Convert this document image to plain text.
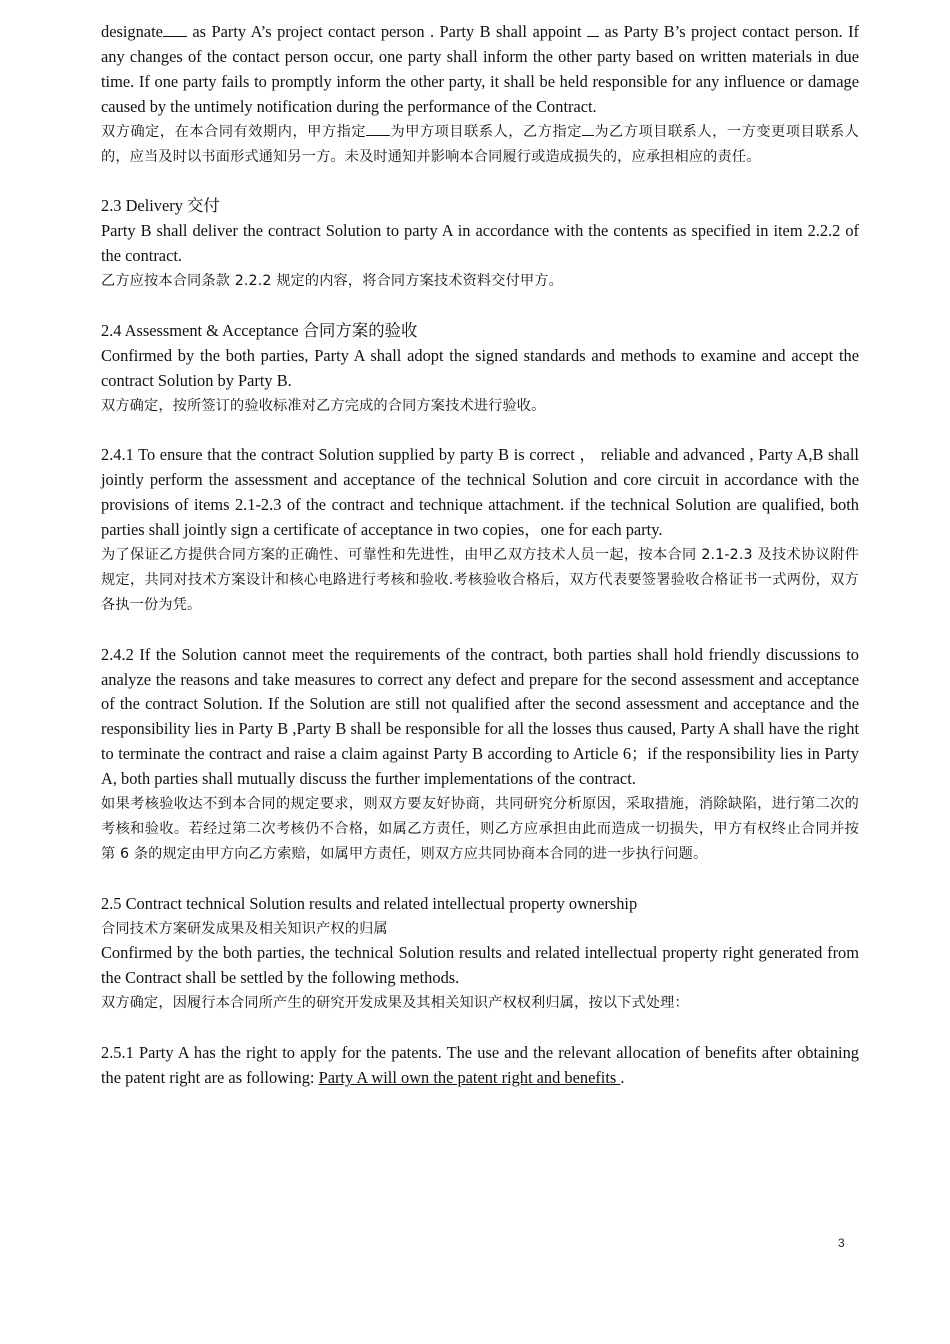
designate as Party A’s project contact person . Party B shall appoint  as Party B’s project contact person. If any changes of the contact person occur, one party shall inform the other party based on written materials in due time. If one party fails to promptly inform the other party, it shall be held responsible for any influence or damage caused by the untimely notification during the performance of the Contract.

双方确定，在本合同有效期内，甲方指定 为甲方项目联系人，乙方指定 为乙方项目联系人，一方变更项目联系人的，应当及时以书面形式通知另一方。未及时通知并影响本合同履行或造成损失的，应承担相应的责任。

2.3 Delivery 交付

Party B shall deliver the contract Solution to party A in accordance with the contents as specified in item 2.2.2 of the contract.

乙方应按本合同条款 2.2.2 规定的内容，将合同方案技术资料交付甲方。

2.4 Assessment & Acceptance 合同方案的验收

Confirmed by the both parties, Party A shall adopt the signed standards and methods to examine and accept the contract Solution by Party B.

双方确定，按所签订的验收标准对乙方完成的合同方案技术进行验收。

2.4.1 To ensure that the contract Solution supplied by party B is correct ， reliable and advanced , Party A,B shall jointly perform the assessment and acceptance of the technical Solution and core circuit in accordance with the provisions of items 2.1-2.3 of the contract and technique attachment. if the technical Solution are qualified, both parties shall jointly sign a certificate of acceptance in two copies，one for each party.

为了保证乙方提供合同方案的正确性、可靠性和先进性，由甲乙双方技术人员一起，按本合同 2.1-2.3 及技术协议附件规定，共同对技术方案设计和核心电路进行考核和验收.考核验收合格后，双方代表要签署验收合格证书一式两份，双方各执一份为凭。

2.4.2 If the Solution cannot meet the requirements of the contract, both parties shall hold friendly discussions to analyze the reasons and take measures to correct any defect and prepare for the second assessment and acceptance of the contract Solution. If the Solution are still not qualified after the second assessment and acceptance and the responsibility lies in Party B ,Party B shall be responsible for all the losses thus caused, Party A shall have the right to terminate the contract and raise a claim against Party B according to Article 6；if the responsibility lies in Party A, both parties shall mutually discuss the further implementations of the contract.

如果考核验收达不到本合同的规定要求，则双方要友好协商，共同研究分析原因，采取措施，消除缺陷，进行第二次的考核和验收。若经过第二次考核仍不合格，如属乙方责任，则乙方应承担由此而造成一切损失，甲方有权终止合同并按第 6 条的规定由甲方向乙方索赔，如属甲方责任，则双方应共同协商本合同的进一步执行问题。

2.5 Contract technical Solution results and related intellectual property ownership

合同技术方案研发成果及相关知识产权的归属

Confirmed by the both parties, the technical Solution results and related intellectual property right generated from the Contract shall be settled by the following methods.

双方确定，因履行本合同所产生的研究开发成果及其相关知识产权权利归属，按以下式处理：

2.5.1 Party A has the right to apply for the patents. The use and the relevant allocation of benefits after obtaining the patent right are as following: Party A will own the patent right and benefits .

3
